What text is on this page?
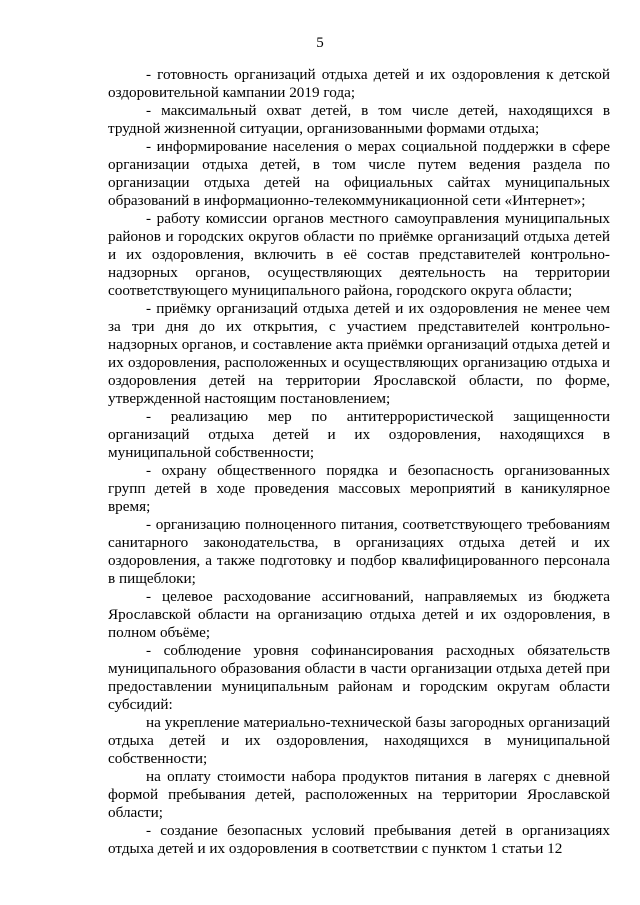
5

- готовность организаций отдыха детей и их оздоровления к детской оздоровительной кампании 2019 года;

- максимальный охват детей, в том числе детей, находящихся в трудной жизненной ситуации, организованными формами отдыха;

- информирование населения о мерах социальной поддержки в сфере организации отдыха детей, в том числе путем ведения раздела по организации отдыха детей на официальных сайтах муниципальных образований в информационно-телекоммуникационной сети «Интернет»;

- работу комиссии органов местного самоуправления муниципальных районов и городских округов области по приёмке организаций отдыха детей и их оздоровления, включить в её состав представителей контрольно-надзорных органов, осуществляющих деятельность на территории соответствующего муниципального района, городского округа области;

- приёмку организаций отдыха детей и их оздоровления не менее чем за три дня до их открытия, с участием представителей контрольно-надзорных органов, и составление акта приёмки организаций отдыха детей и их оздоровления, расположенных и осуществляющих организацию отдыха и оздоровления детей на территории Ярославской области, по форме, утвержденной настоящим постановлением;

- реализацию мер по антитеррористической защищенности организаций отдыха детей и их оздоровления, находящихся в муниципальной собственности;

- охрану общественного порядка и безопасность организованных групп детей в ходе проведения массовых мероприятий в каникулярное время;

- организацию полноценного питания, соответствующего требованиям санитарного законодательства, в организациях отдыха детей и их оздоровления, а также подготовку и подбор квалифицированного персонала в пищеблоки;

- целевое расходование ассигнований, направляемых из бюджета Ярославской области на организацию отдыха детей и их оздоровления, в полном объёме;

- соблюдение уровня софинансирования расходных обязательств муниципального образования области в части организации отдыха детей при предоставлении муниципальным районам и городским округам области субсидий:

на укрепление материально-технической базы загородных организаций отдыха детей и их оздоровления, находящихся в муниципальной собственности;

на оплату стоимости набора продуктов питания в лагерях с дневной формой пребывания детей, расположенных на территории Ярославской области;

- создание безопасных условий пребывания детей в организациях отдыха детей и их оздоровления в соответствии с пунктом 1 статьи 12
